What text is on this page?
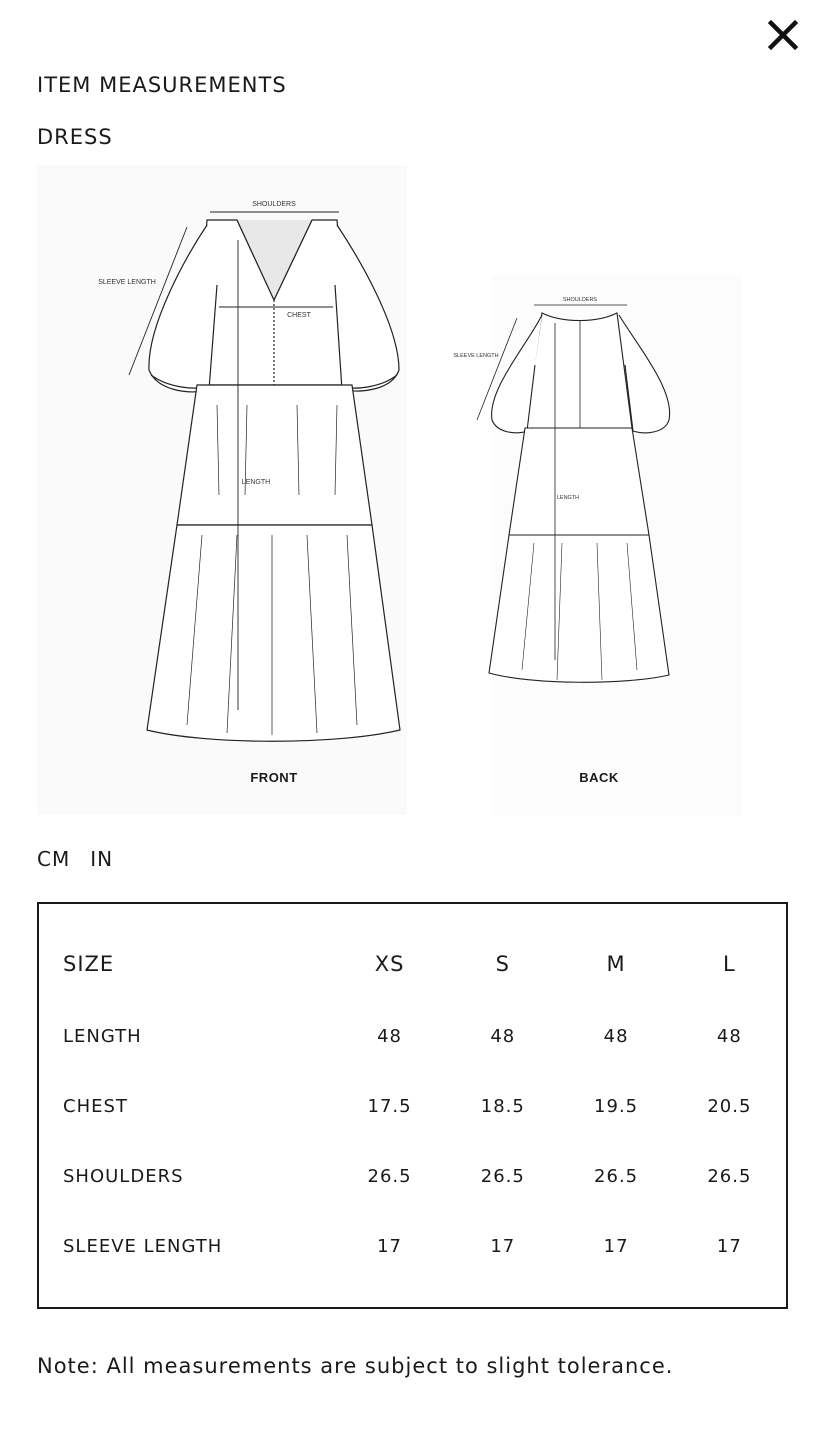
ITEM MEASUREMENTS
DRESS
SHOULDERS
SLEEVE LENGTH
CHEST
LENGTH
SHOULDERS
SLEEVE LENGTH
LENGTH
FRONT	BACK
CM IN
SIZE	XS	S	M	L
LENGTH	48	48	48	48
CHEST	17.5	18.5	19.5	20.5
SHOULDERS	26.5	26.5	26.5	26.5
SLEEVE LENGTH	17	17	17	17

Note: All measurements are subject to slight tolerance.
